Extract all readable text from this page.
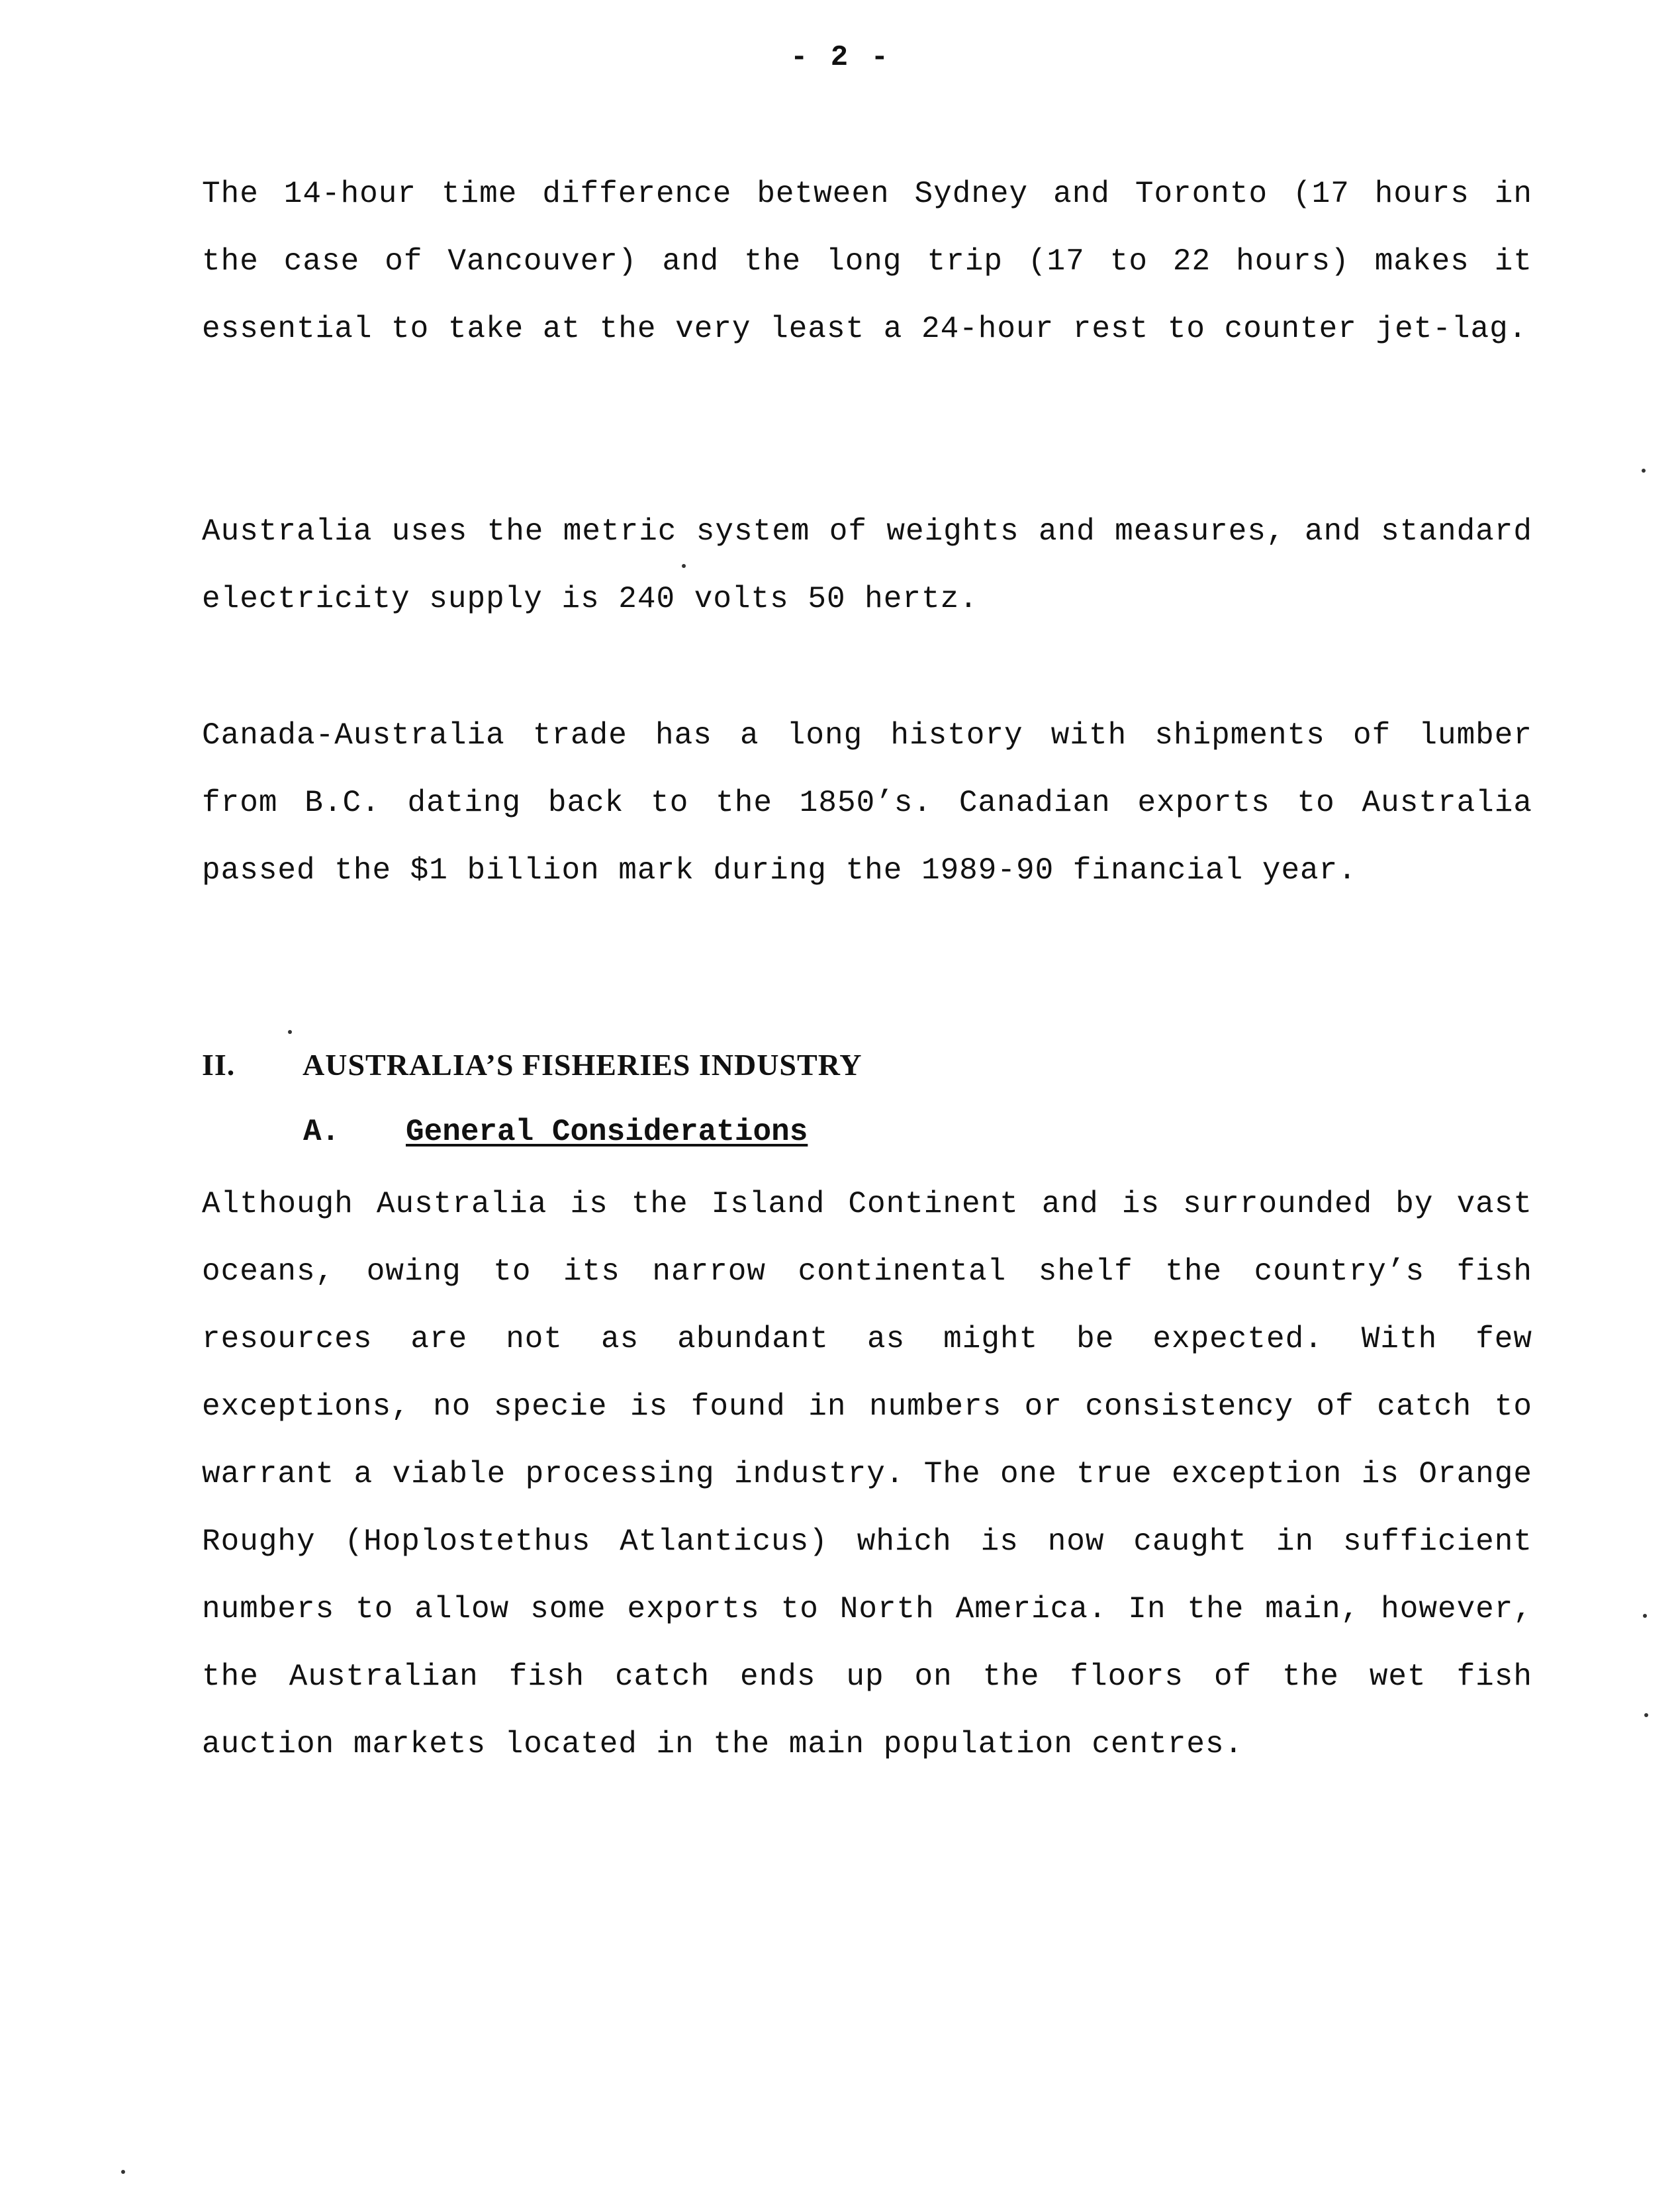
- 2 -

The 14-hour time difference between Sydney and Toronto (17 hours in the case of Vancouver) and the long trip (17 to 22 hours) makes it essential to take at the very least a 24-hour rest to counter jet-lag.

Australia uses the metric system of weights and measures, and standard electricity supply is 240 volts 50 hertz.

Canada-Australia trade has a long history with shipments of lumber from B.C. dating back to the 1850’s. Canadian exports to Australia passed the $1 billion mark during the 1989-90 financial year.

II. AUSTRALIA’S FISHERIES INDUSTRY
A. General Considerations

Although Australia is the Island Continent and is surrounded by vast oceans, owing to its narrow continental shelf the country’s fish resources are not as abundant as might be expected. With few exceptions, no specie is found in numbers or consistency of catch to warrant a viable processing industry. The one true exception is Orange Roughy (Hoplostethus Atlanticus) which is now caught in sufficient numbers to allow some exports to North America. In the main, however, the Australian fish catch ends up on the floors of the wet fish auction markets located in the main population centres.
